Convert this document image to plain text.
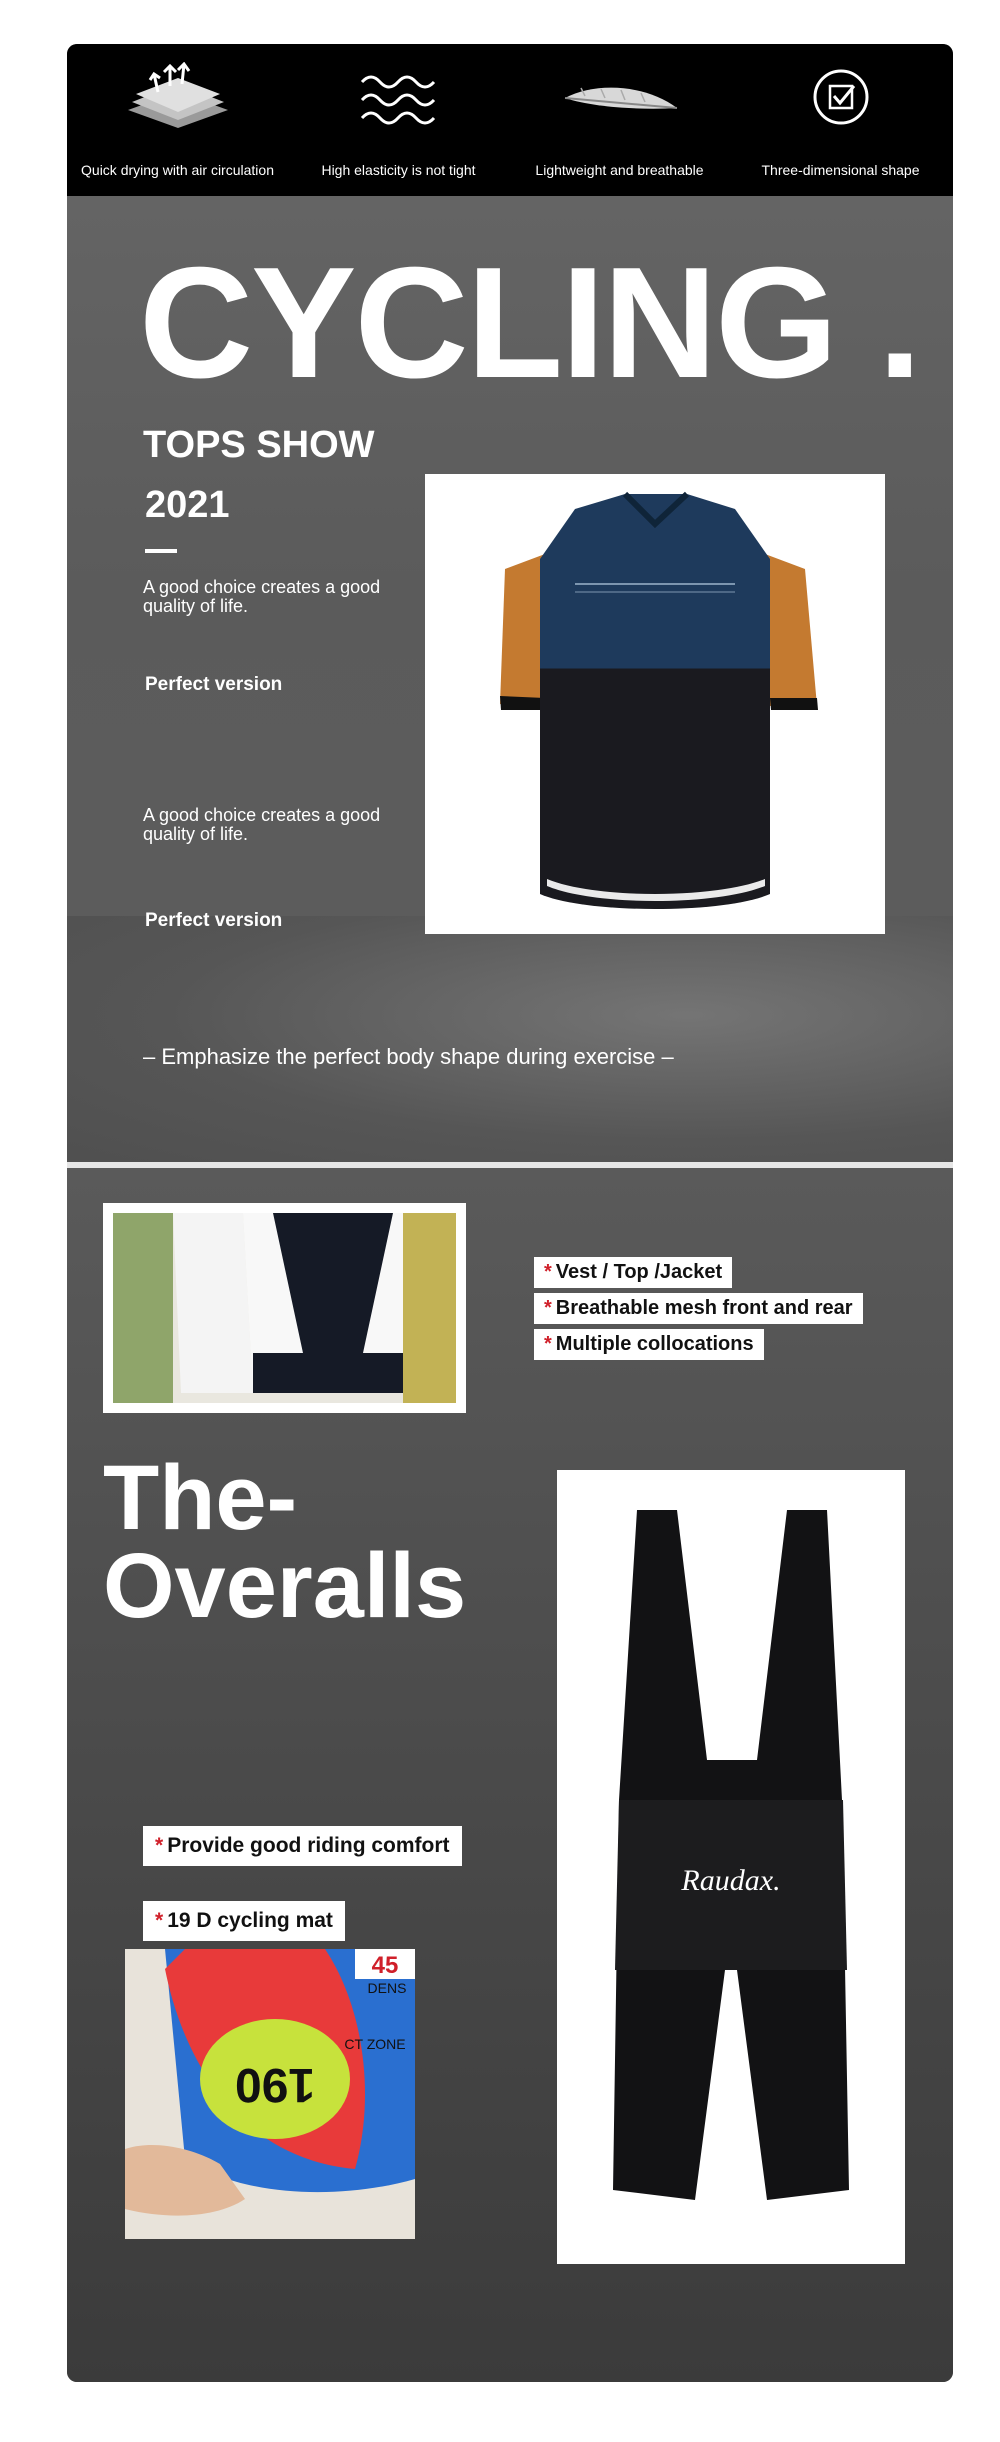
Quick drying with air circulation	High elasticity is not tight	Lightweight and breathable	Three-dimensional shape
CYCLING .
TOPS SHOW
2021
A good choice creates a good quality of life.
Perfect version
A good choice creates a good quality of life.
Perfect version
– Emphasize the perfect body shape during exercise –
* Vest / Top /Jacket
* Breathable mesh front and rear
* Multiple collocations
The-
Overalls
Raudax.
* Provide good riding comfort
* 19 D cycling mat
190
45
DENS
CT ZONE
